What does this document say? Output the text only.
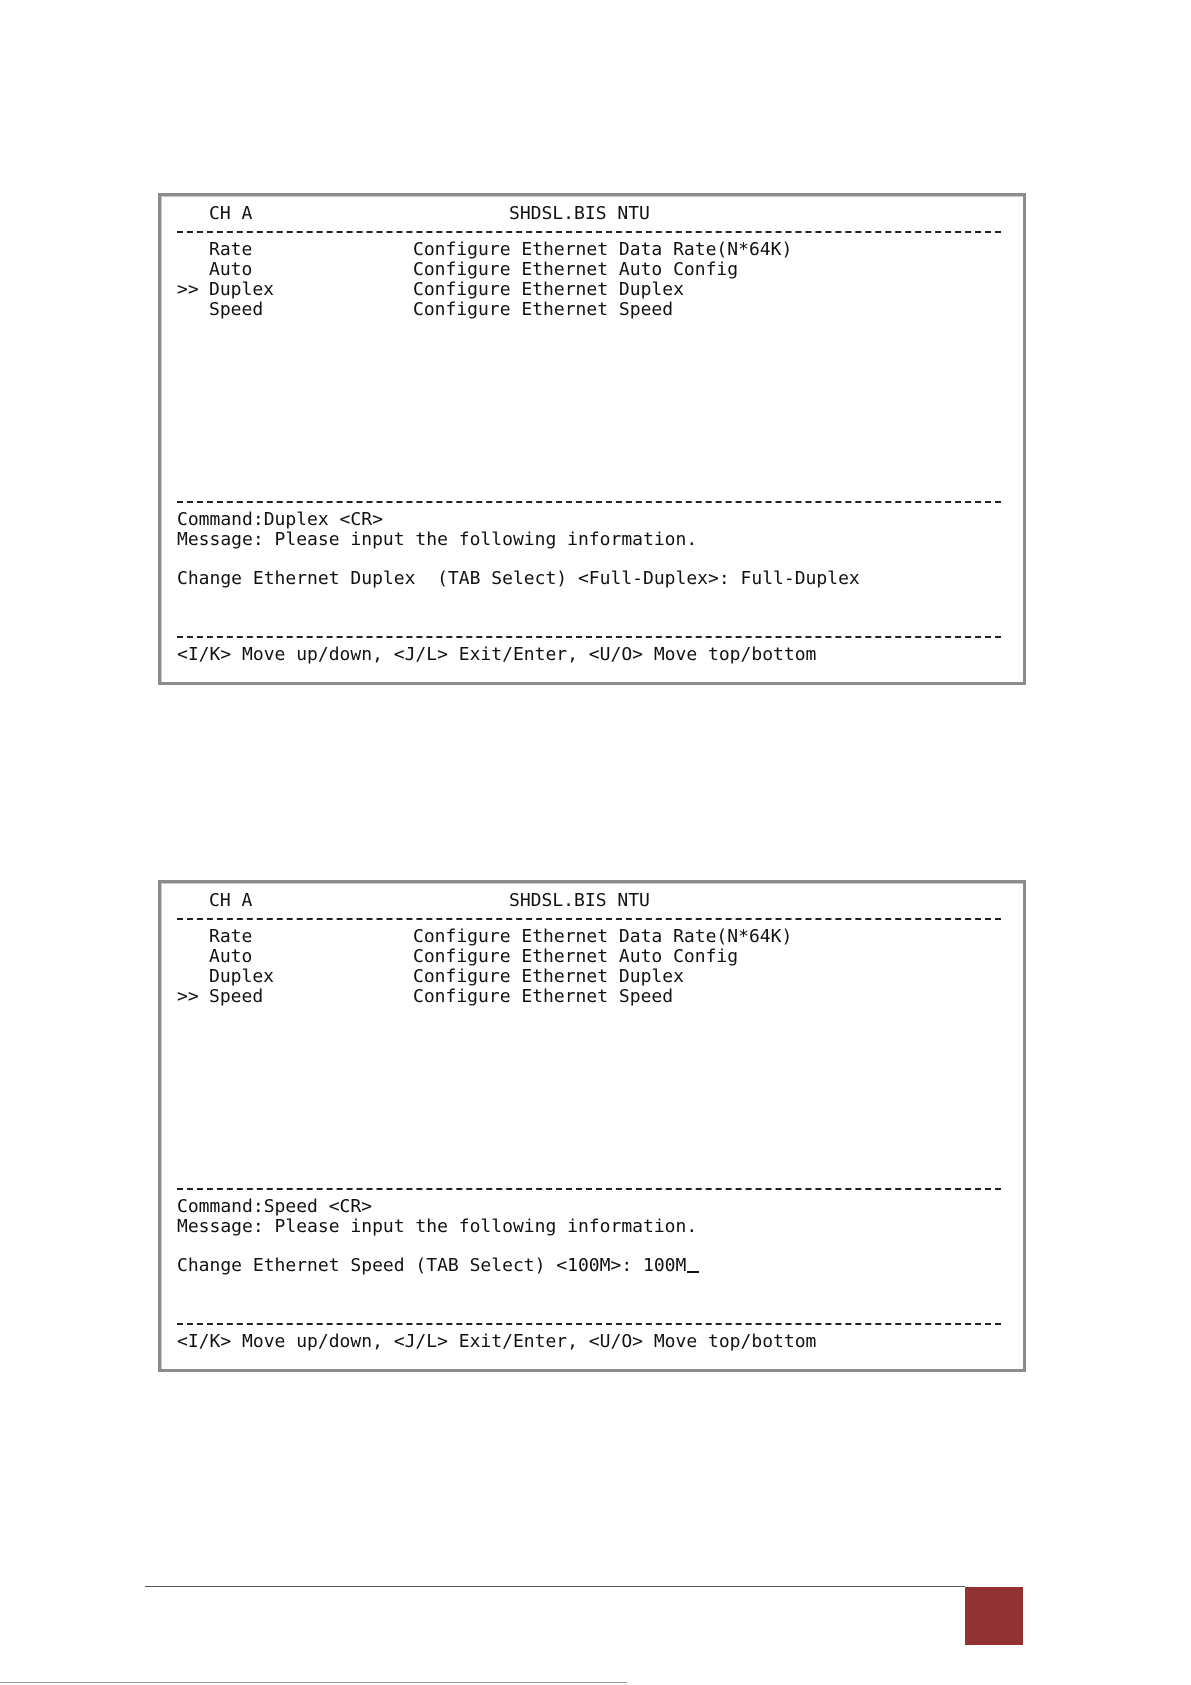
CH A	SHDSL.BIS NTU
Rate	Configure Ethernet Data Rate(N*64K)
Auto	Configure Ethernet Auto Config
>> Duplex	Configure Ethernet Duplex
Speed	Configure Ethernet Speed
Command:Duplex <CR>
Message: Please input the following information.
Change Ethernet Duplex  (TAB Select) <Full-Duplex>: Full-Duplex
<I/K> Move up/down, <J/L> Exit/Enter, <U/O> Move top/bottom
CH A	SHDSL.BIS NTU
Rate	Configure Ethernet Data Rate(N*64K)
Auto	Configure Ethernet Auto Config
Duplex	Configure Ethernet Duplex
>> Speed	Configure Ethernet Speed
Command:Speed <CR>
Message: Please input the following information.
Change Ethernet Speed (TAB Select) <100M>: 100M
<I/K> Move up/down, <J/L> Exit/Enter, <U/O> Move top/bottom
